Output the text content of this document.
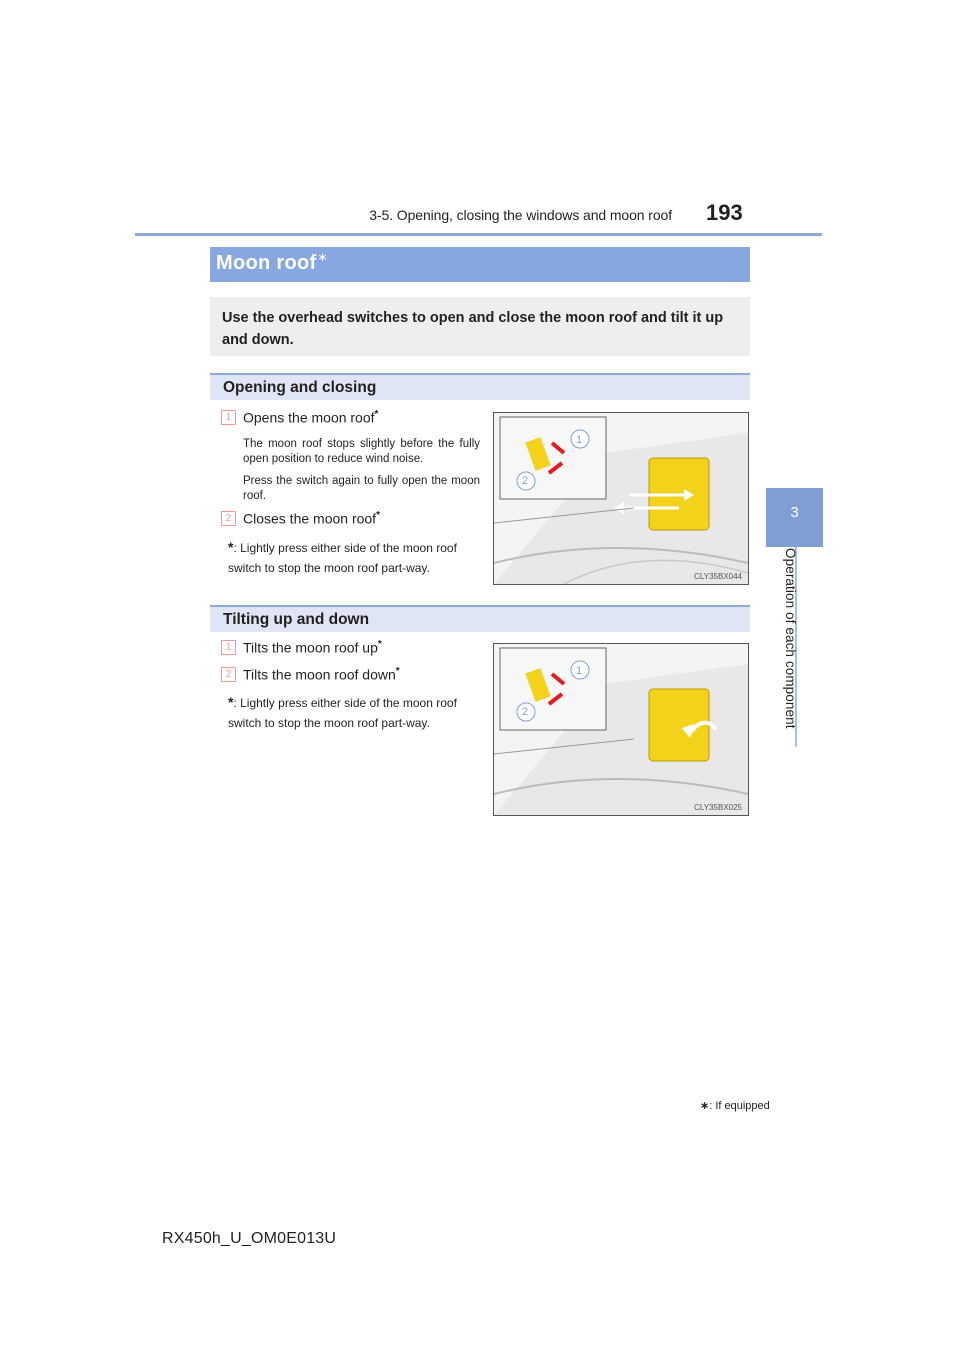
3-5. Opening, closing the windows and moon roof 193
3
Operation of each component
Moon roof∗
Use the overhead switches to open and close the moon roof and tilt it up and down.
Opening and closing
1 Opens the moon roof*
The moon roof stops slightly before the fully open position to reduce wind noise.
Press the switch again to fully open the moon roof.
2 Closes the moon roof*
*: Lightly press either side of the moon roof switch to stop the moon roof part-way.
1
2
CLY35BX044
Tilting up and down
1 Tilts the moon roof up*
2 Tilts the moon roof down*
*: Lightly press either side of the moon roof switch to stop the moon roof part-way.
1
2
CLY35BX025
∗: If equipped
RX450h_U_OM0E013U
